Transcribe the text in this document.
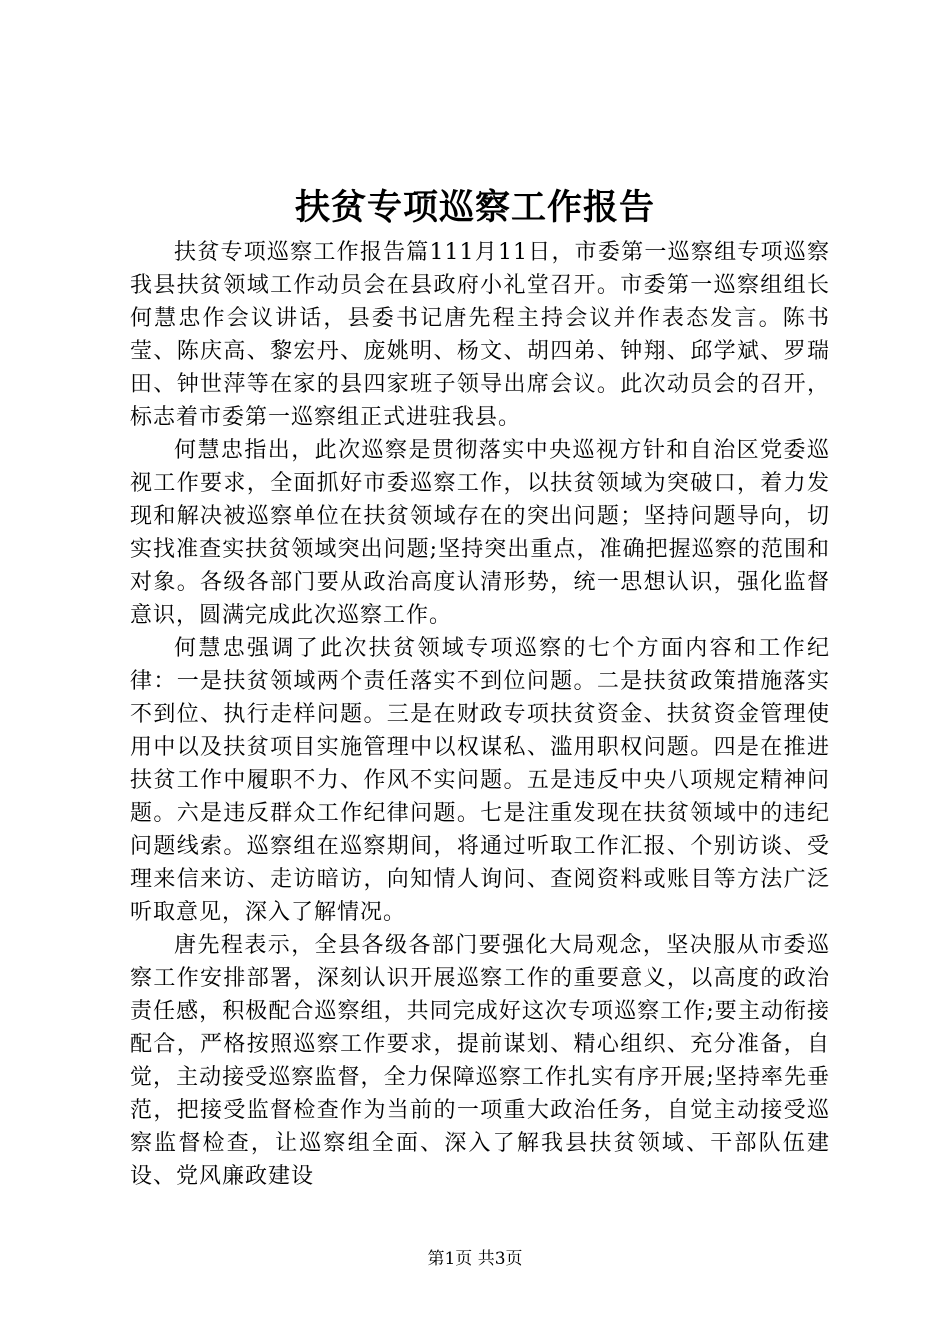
扶贫专项巡察工作报告

扶贫专项巡察工作报告篇111月11日，市委第一巡察组专项巡察我县扶贫领域工作动员会在县政府小礼堂召开。市委第一巡察组组长何慧忠作会议讲话，县委书记唐先程主持会议并作表态发言。陈书莹、陈庆高、黎宏丹、庞姚明、杨文、胡四弟、钟翔、邱学斌、罗瑞田、钟世萍等在家的县四家班子领导出席会议。此次动员会的召开，标志着市委第一巡察组正式进驻我县。

何慧忠指出，此次巡察是贯彻落实中央巡视方针和自治区党委巡视工作要求，全面抓好市委巡察工作，以扶贫领域为突破口，着力发现和解决被巡察单位在扶贫领域存在的突出问题；坚持问题导向，切实找准查实扶贫领域突出问题;坚持突出重点，准确把握巡察的范围和对象。各级各部门要从政治高度认清形势，统一思想认识，强化监督意识，圆满完成此次巡察工作。

何慧忠强调了此次扶贫领域专项巡察的七个方面内容和工作纪律：一是扶贫领域两个责任落实不到位问题。二是扶贫政策措施落实不到位、执行走样问题。三是在财政专项扶贫资金、扶贫资金管理使用中以及扶贫项目实施管理中以权谋私、滥用职权问题。四是在推进扶贫工作中履职不力、作风不实问题。五是违反中央八项规定精神问题。六是违反群众工作纪律问题。七是注重发现在扶贫领域中的违纪问题线索。巡察组在巡察期间，将通过听取工作汇报、个别访谈、受理来信来访、走访暗访，向知情人询问、查阅资料或账目等方法广泛听取意见，深入了解情况。

唐先程表示，全县各级各部门要强化大局观念，坚决服从市委巡察工作安排部署，深刻认识开展巡察工作的重要意义，以高度的政治责任感，积极配合巡察组，共同完成好这次专项巡察工作;要主动衔接配合，严格按照巡察工作要求，提前谋划、精心组织、充分准备，自觉，主动接受巡察监督，全力保障巡察工作扎实有序开展;坚持率先垂范，把接受监督检查作为当前的一项重大政治任务，自觉主动接受巡察监督检查，让巡察组全面、深入了解我县扶贫领域、干部队伍建设、党风廉政建设

第1页 共3页
